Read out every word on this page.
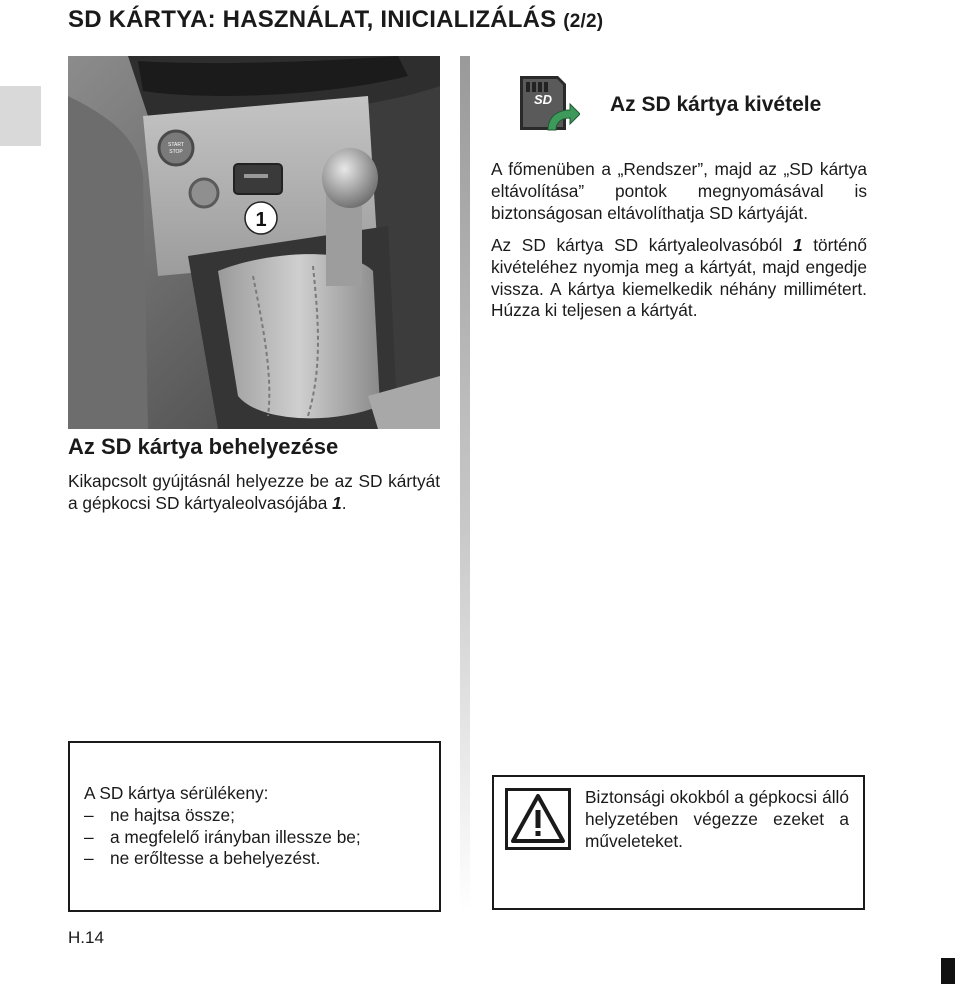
SD KÁRTYA: HASZNÁLAT, INICIALIZÁLÁS (2/2)
START
STOP
1
SD	Az SD kártya kivétele
A főmenüben a „Rendszer”, majd az „SD kártya eltávolítása” pontok megnyomásával is biztonságosan eltávolíthatja SD kártyáját.
Az SD kártya SD kártyaleolvasóból 1 történő kivételéhez nyomja meg a kártyát, majd engedje vissza. A kártya kiemelkedik néhány millimétert. Húzza ki teljesen a kártyát.
Az SD kártya behelyezése
Kikapcsolt gyújtásnál helyezze be az SD kártyát a gépkocsi SD kártyaleolvasójába 1.
A SD kártya sérülékeny:
– ne hajtsa össze;
– a megfelelő irányban illessze be;
– ne erőltesse a behelyezést.
Biztonsági okokból a gépkocsi álló helyzetében végezze ezeket a műveleteket.
H.14
